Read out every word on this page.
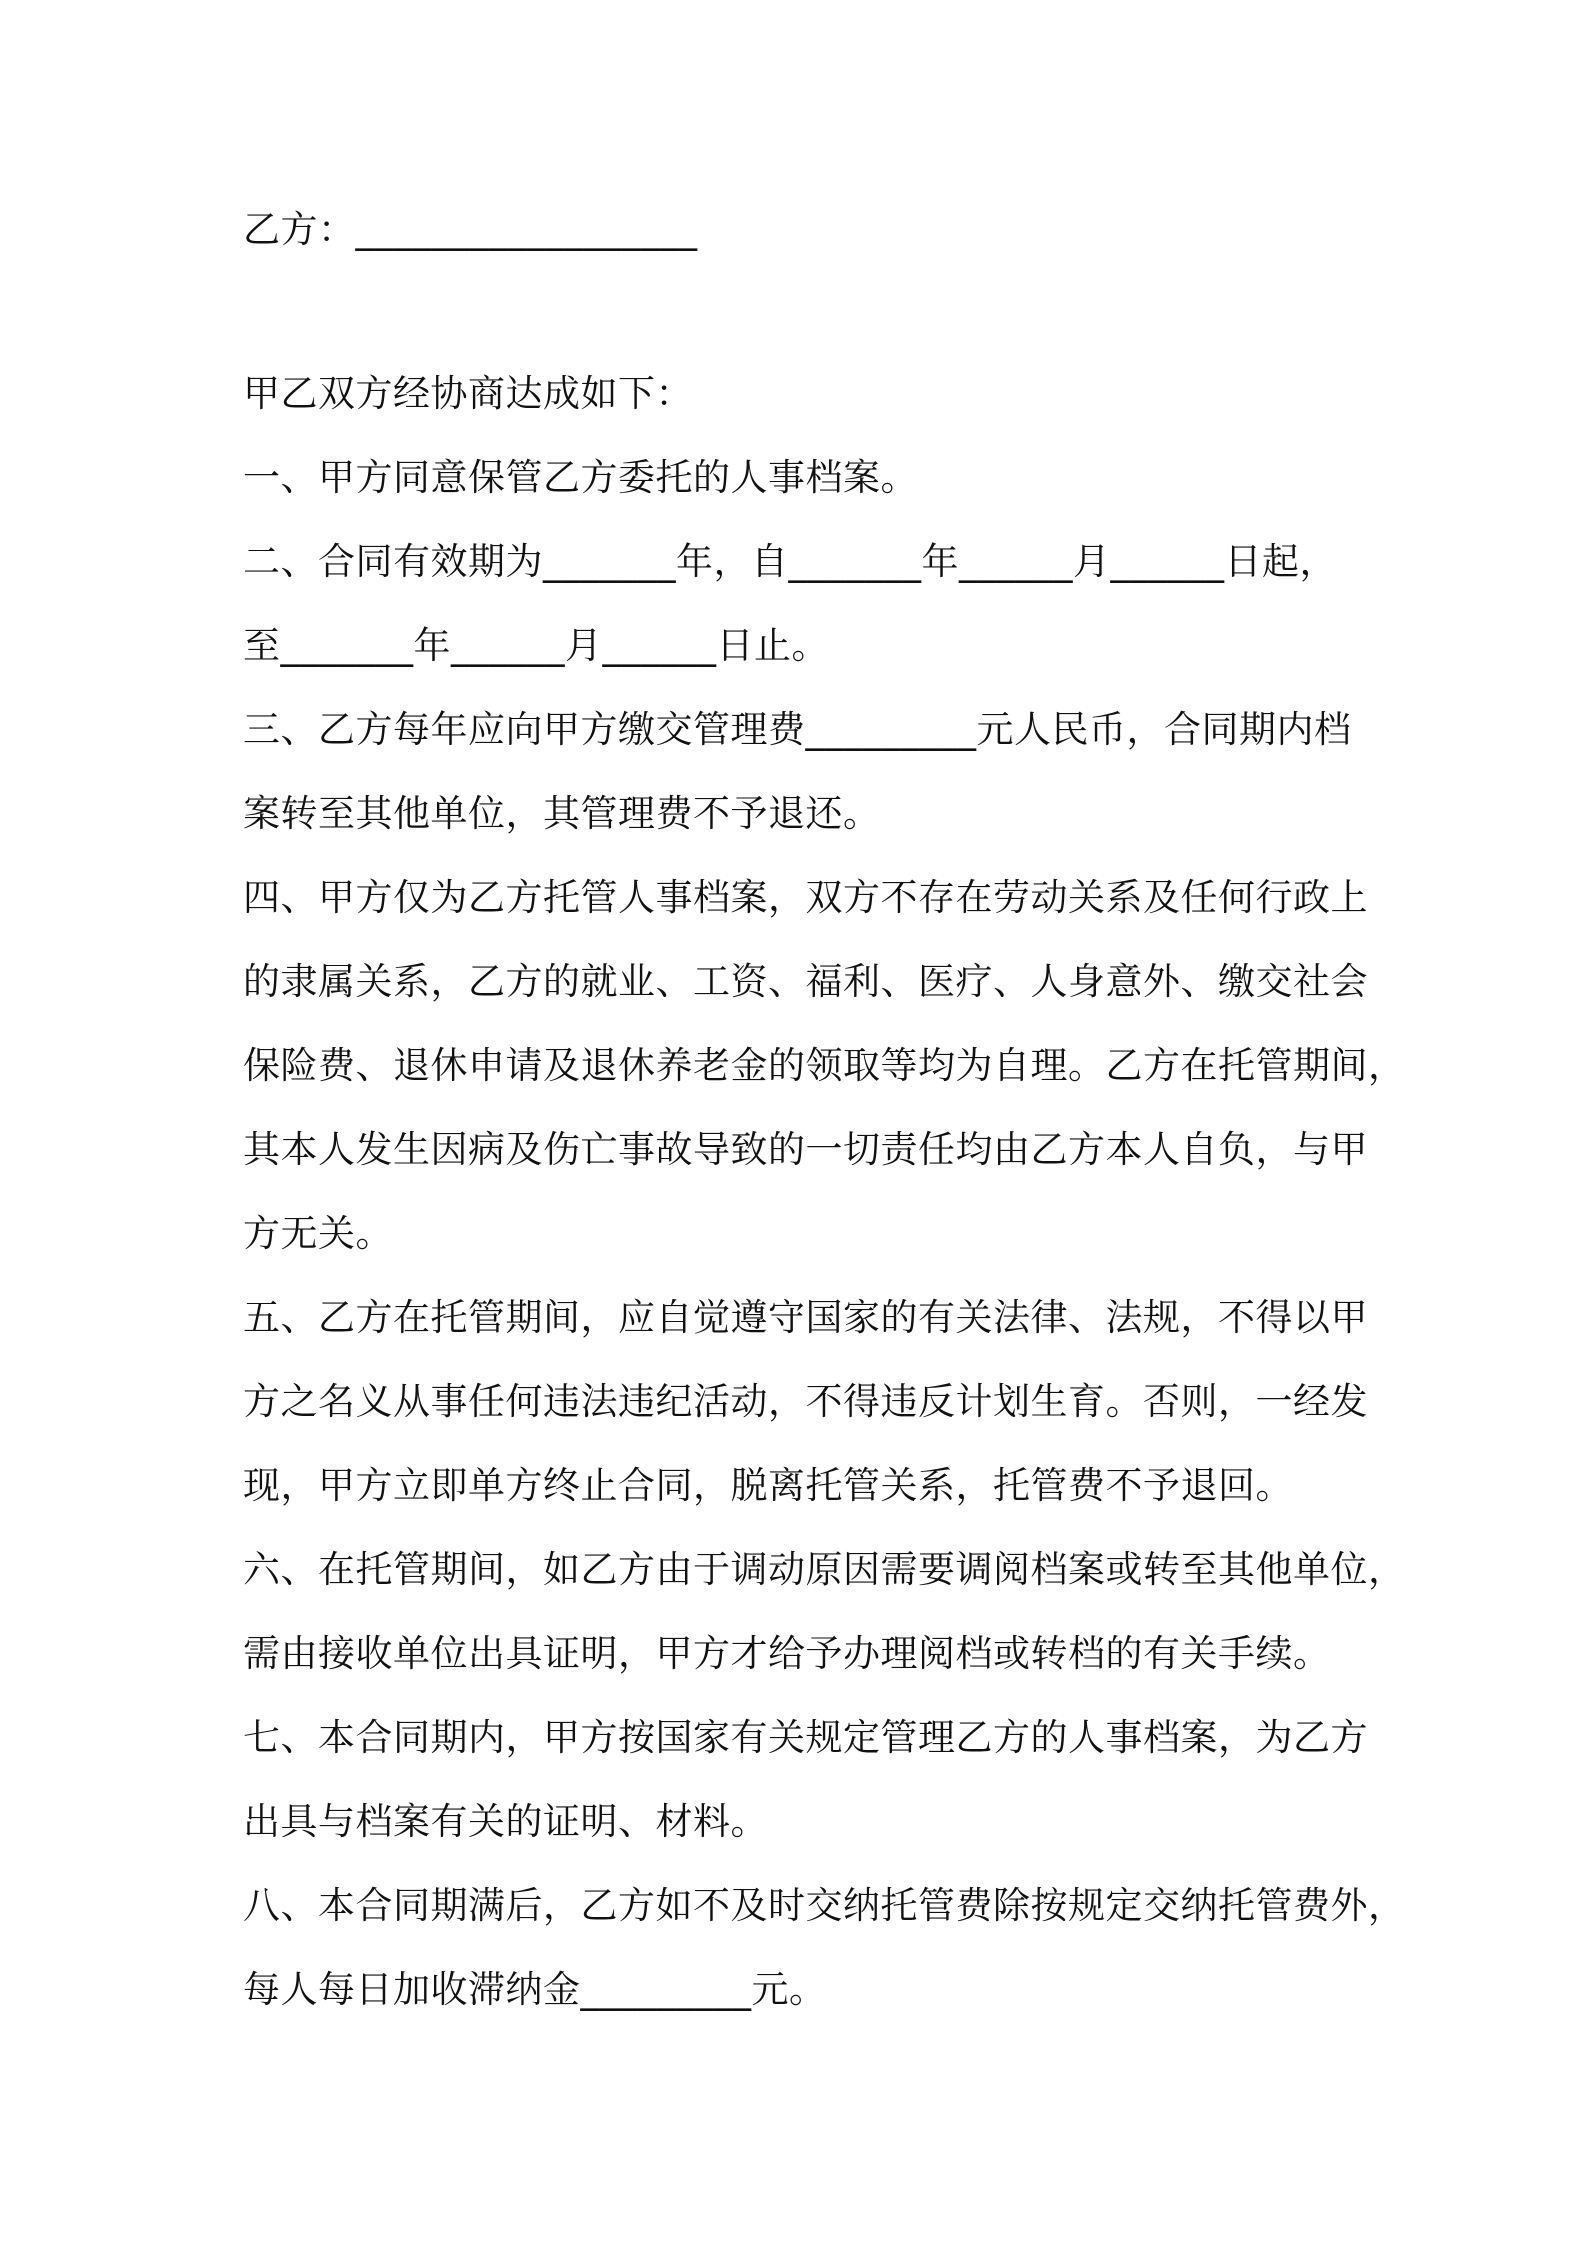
乙方：__________________
甲乙双方经协商达成如下：
一、甲方同意保管乙方委托的人事档案。
二、合同有效期为_______年，自_______年______月______日起，
至_______年______月______日止。
三、乙方每年应向甲方缴交管理费_________元人民币，合同期内档
案转至其他单位，其管理费不予退还。
四、甲方仅为乙方托管人事档案，双方不存在劳动关系及任何行政上
的隶属关系，乙方的就业、工资、福利、医疗、人身意外、缴交社会
保险费、退休申请及退休养老金的领取等均为自理。乙方在托管期间，
其本人发生因病及伤亡事故导致的一切责任均由乙方本人自负，与甲
方无关。
五、乙方在托管期间，应自觉遵守国家的有关法律、法规，不得以甲
方之名义从事任何违法违纪活动，不得违反计划生育。否则，一经发
现，甲方立即单方终止合同，脱离托管关系，托管费不予退回。
六、在托管期间，如乙方由于调动原因需要调阅档案或转至其他单位，
需由接收单位出具证明，甲方才给予办理阅档或转档的有关手续。
七、本合同期内，甲方按国家有关规定管理乙方的人事档案，为乙方
出具与档案有关的证明、材料。
八、本合同期满后，乙方如不及时交纳托管费除按规定交纳托管费外，
每人每日加收滞纳金_________元。
